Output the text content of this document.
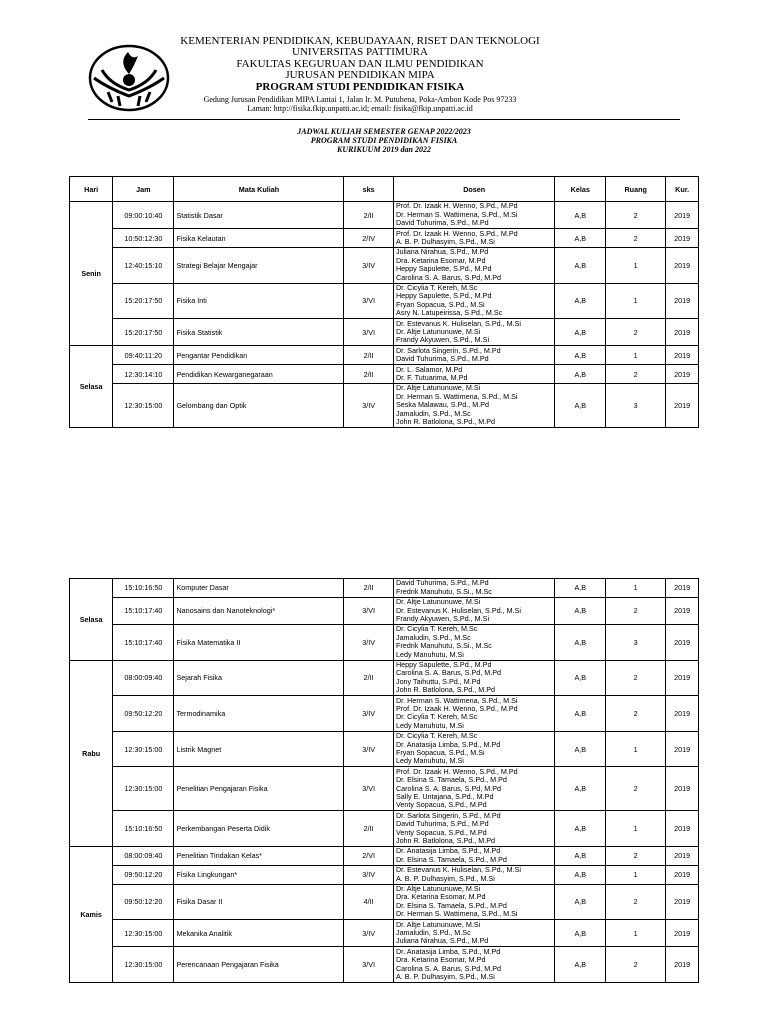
KEMENTERIAN PENDIDIKAN, KEBUDAYAAN, RISET DAN TEKNOLOGI
UNIVERSITAS PATTIMURA
FAKULTAS KEGURUAN DAN ILMU PENDIDIKAN
JURUSAN PENDIDIKAN MIPA
PROGRAM STUDI PENDIDIKAN FISIKA
Gedung Jurusan Pendidikan MIPA Lantai 1, Jalan Ir. M. Putuhena, Poka-Ambon Kode Pos 97233
Laman: http://fisika.fkip.unpatti.ac.id; email: fisika@fkip.unpatti.ac.id
JADWAL KULIAH SEMESTER GENAP 2022/2023
PROGRAM STUDI PENDIDIKAN FISIKA
KURIKUUM 2019 dan 2022
Hari	Jam	Mata Kuliah	sks	Dosen	Kelas	Ruang	Kur.
Senin	09:00:10:40	Statistik Dasar	2/II	Prof. Dr. Izaak H. Wenno, S.Pd., M.Pd
Dr. Herman S. Wattimena, S.Pd., M.Si
David Tuhurima, S.Pd., M.Pd	A,B	2	2019
	10:50:12:30	Fisika Kelautan	2/IV	Prof. Dr. Izaak H. Wenno, S.Pd., M.Pd
A. B. P. Dulhasyim, S.Pd., M.Si	A,B	2	2019
	12:40:15:10	Strategi Belajar Mengajar	3/IV	Juliana Nirahua, S.Pd., M.Pd
Dra. Ketarina Esomar, M.Pd
Heppy Sapulette, S.Pd., M.Pd
Carolina S. A. Barus, S.Pd, M.Pd	A,B	1	2019
	15:20:17:50	Fisika Inti	3/VI	Dr. Cicylia T. Kereh, M.Sc
Heppy Sapulette, S.Pd., M.Pd
Fryan Sopacua, S.Pd., M.Si
Asry N. Latupeirissa, S.Pd., M.Sc	A,B	1	2019
	15:20:17:50	Fisika Statistik	3/VI	Dr. Estevanus K. Huliselan, S.Pd., M.Si
Dr. Altje Latununuwe, M.Si
Frandy Akyuwen, S.Pd., M.Si	A,B	2	2019
Selasa	09:40:11:20	Pengantar Pendidikan	2/II	Dr. Sarlota Singerin, S.Pd., M.Pd
David Tuhurima, S.Pd., M.Pd	A,B	1	2019
	12:30:14:10	Pendidikan Kewarganegaraan	2/II	Dr. L. Salamor, M.Pd
Dr. F. Tutuarima, M.Pd	A,B	2	2019
	12:30:15:00	Gelombang dan Optik	3/IV	Dr. Altje Latununuwe, M.Si
Dr. Herman S. Wattimena, S.Pd., M.Si
Seska Malawau, S.Pd., M.Pd
Jamaludin, S.Pd., M.Sc
John R. Batlolona, S.Pd., M.Pd	A,B	3	2019
Selasa	15:10:16:50	Komputer Dasar	2/II	David Tuhurima, S.Pd., M.Pd
Fredrik Manuhutu, S.Si., M.Sc	A,B	1	2019
	15:10:17:40	Nanosains dan Nanoteknologi*	3/VI	Dr. Altje Latununuwe, M.Si
Dr. Estevanus K. Huliselan, S.Pd., M.Si
Frandy Akyuwen, S.Pd., M.Si	A,B	2	2019
	15:10:17:40	Fisika Matematika II	3/IV	Dr. Cicylia T. Kereh, M.Sc
Jamaludin, S.Pd., M.Sc
Fredrik Manuhutu, S.Si., M.Sc
Ledy Manuhutu, M.Si	A,B	3	2019
Rabu	08:00:09:40	Sejarah Fisika	2/II	Heppy Sapulette, S.Pd., M.Pd
Carolina S. A. Barus, S.Pd, M.Pd
Jony Taihuttu, S.Pd., M.Pd
John R. Batlolona, S.Pd., M.Pd	A,B	2	2019
	09:50:12:20	Termodinamika	3/IV	Dr. Herman S. Wattimena, S.Pd., M.Si
Prof. Dr. Izaak H. Wenno, S.Pd., M.Pd
Dr. Cicylia T. Kereh, M.Sc
Ledy Manuhutu, M.Si	A,B	2	2019
	12:30:15:00	Listrik Magnet	3/IV	Dr. Cicylia T. Kereh, M.Sc
Dr. Anatasija Limba, S.Pd., M.Pd
Fryan Sopacua, S.Pd., M.Si
Ledy Manuhutu, M.Si	A,B	1	2019
	12:30:15:00	Penelitian Pengajaran Fisika	3/VI	Prof. Dr. Izaak H. Wenno, S.Pd., M.Pd
Dr. Elsina S. Tamaela, S.Pd., M.Pd
Carolina S. A. Barus, S.Pd, M.Pd
Sally E. Untajana, S.Pd., M.Pd
Venty Sopacua, S.Pd., M.Pd	A,B	2	2019
	15:10:16:50	Perkembangan Peserta Didik	2/II	Dr. Sarlota Singerin, S.Pd., M.Pd
David Tuhurima, S.Pd., M.Pd
Venty Sopacua, S.Pd., M.Pd
John R. Batlolona, S.Pd., M.Pd	A,B	1	2019
Kamis	08:00:09:40	Penelitian Tindakan Kelas*	2/VI	Dr. Anatasija Limba, S.Pd., M.Pd
Dr. Elsina S. Tamaela, S.Pd., M.Pd	A,B	2	2019
	09:50:12:20	Fisika Lingkungan*	3/IV	Dr. Estevanus K. Huliselan, S.Pd., M.Si
A. B. P. Dulhasyim, S.Pd., M.Si	A,B	1	2019
	09:50:12:20	Fisika Dasar II	4/II	Dr. Altje Latununuwe, M.Si
Dra. Ketarina Esomar, M.Pd
Dr. Elsina S. Tamaela, S.Pd., M.Pd
Dr. Herman S. Wattimena, S.Pd., M.Si	A,B	2	2019
	12:30:15:00	Mekanika Analitik	3/IV	Dr. Altje Latununuwe, M.Si
Jamaludin, S.Pd., M.Sc
Juliana Nirahua, S.Pd., M.Pd	A,B	1	2019
	12:30:15:00	Perencanaan Pengajaran Fisika	3/VI	Dr. Anatasija Limba, S.Pd., M.Pd
Dra. Ketarina Esomar, M.Pd
Carolina S. A. Barus, S.Pd, M.Pd
A. B. P. Dulhasyim, S.Pd., M.Si	A,B	2	2019
